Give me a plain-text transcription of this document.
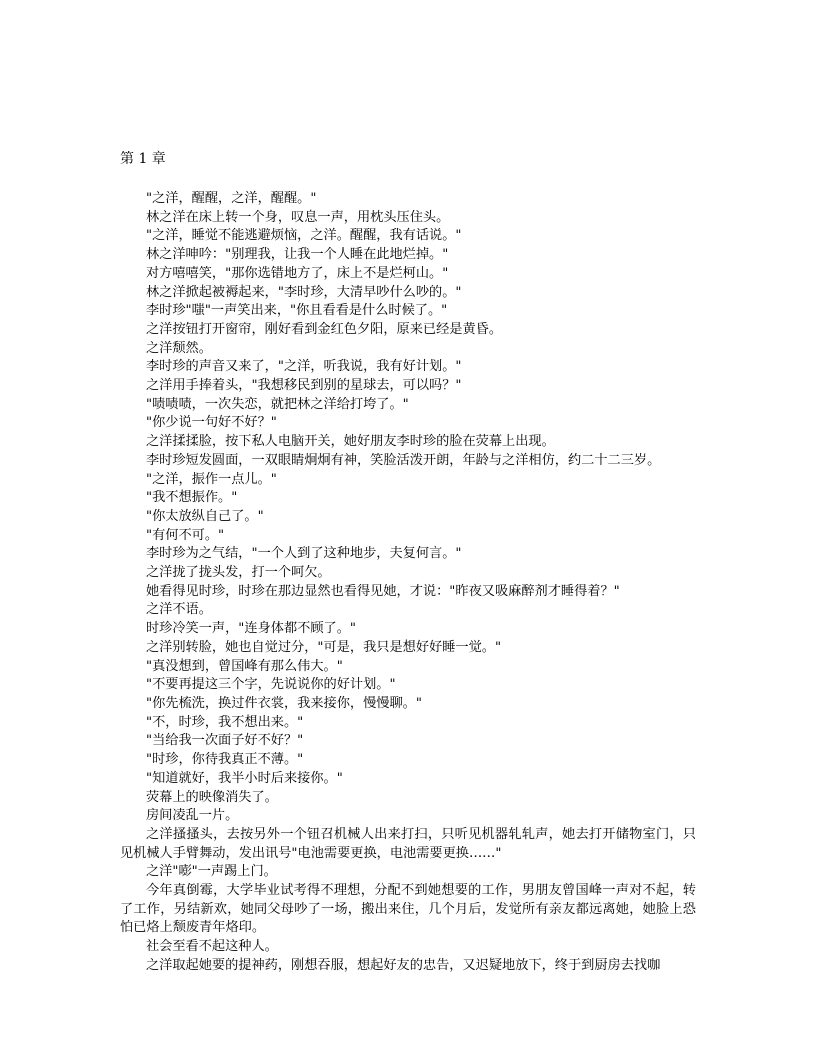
第 1 章

"之洋，醒醒，之洋，醒醒。"

林之洋在床上转一个身，叹息一声，用枕头压住头。

"之洋，睡觉不能逃避烦恼，之洋。醒醒，我有话说。"

林之洋呻吟："别理我，让我一个人睡在此地烂掉。"

对方嘻嘻笑，"那你选错地方了，床上不是烂柯山。"

林之洋掀起被褥起来，"李时珍，大清早吵什么吵的。"

李时珍"嗤"一声笑出来，"你且看看是什么时候了。"

之洋按钮打开窗帘，刚好看到金红色夕阳，原来已经是黄昏。

之洋颓然。

李时珍的声音又来了，"之洋，听我说，我有好计划。"

之洋用手捧着头，"我想移民到别的星球去，可以吗？"

"啧啧啧，一次失恋，就把林之洋给打垮了。"

"你少说一句好不好？"

之洋揉揉脸，按下私人电脑开关，她好朋友李时珍的脸在荧幕上出现。

李时珍短发圆面，一双眼睛炯炯有神，笑脸活泼开朗，年龄与之洋相仿，约二十二三岁。

"之洋，振作一点儿。"

"我不想振作。"

"你太放纵自己了。"

"有何不可。"

李时珍为之气结，"一个人到了这种地步，夫复何言。"

之洋拢了拢头发，打一个呵欠。

她看得见时珍，时珍在那边显然也看得见她，才说："昨夜又吸麻醉剂才睡得着？"

之洋不语。

时珍冷笑一声，"连身体都不顾了。"

之洋别转脸，她也自觉过分，"可是，我只是想好好睡一觉。"

"真没想到，曾国峰有那么伟大。"

"不要再提这三个字，先说说你的好计划。"

"你先梳洗，换过件衣裳，我来接你，慢慢聊。"

"不，时珍，我不想出来。"

"当给我一次面子好不好？"

"时珍，你待我真正不薄。"

"知道就好，我半小时后来接你。"

荧幕上的映像消失了。

房间凌乱一片。

之洋搔搔头，去按另外一个钮召机械人出来打扫，只听见机器轧轧声，她去打开储物室门，只见机械人手臂舞动，发出讯号"电池需要更换，电池需要更换……"

之洋"嘭"一声踢上门。

今年真倒霉，大学毕业试考得不理想，分配不到她想要的工作，男朋友曾国峰一声对不起，转了工作，另结新欢，她同父母吵了一场，搬出来住，几个月后，发觉所有亲友都远离她，她脸上恐怕已烙上颓废青年烙印。

社会至看不起这种人。

之洋取起她要的提神药，刚想吞服，想起好友的忠告，又迟疑地放下，终于到厨房去找咖
